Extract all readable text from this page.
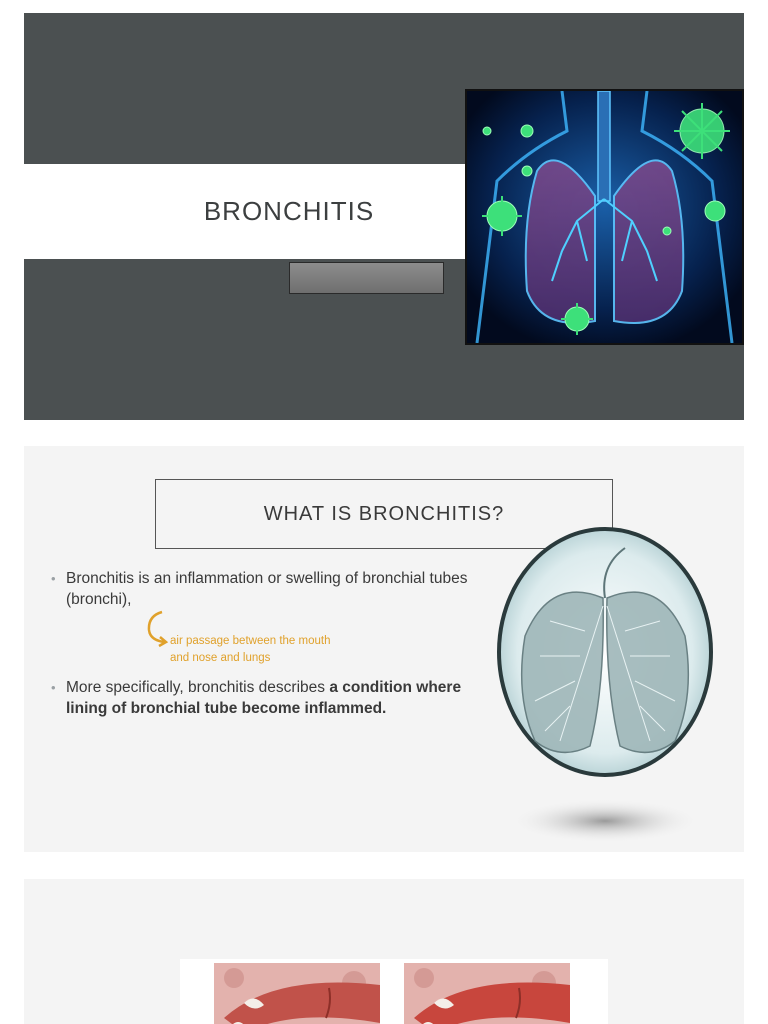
BRONCHITIS
WHAT IS BRONCHITIS?
• Bronchitis is an inflammation or swelling of bronchial tubes (bronchi),
air passage between the mouth
and nose and lungs
• More specifically, bronchitis describes a condition where lining of bronchial tube become inflammed.
